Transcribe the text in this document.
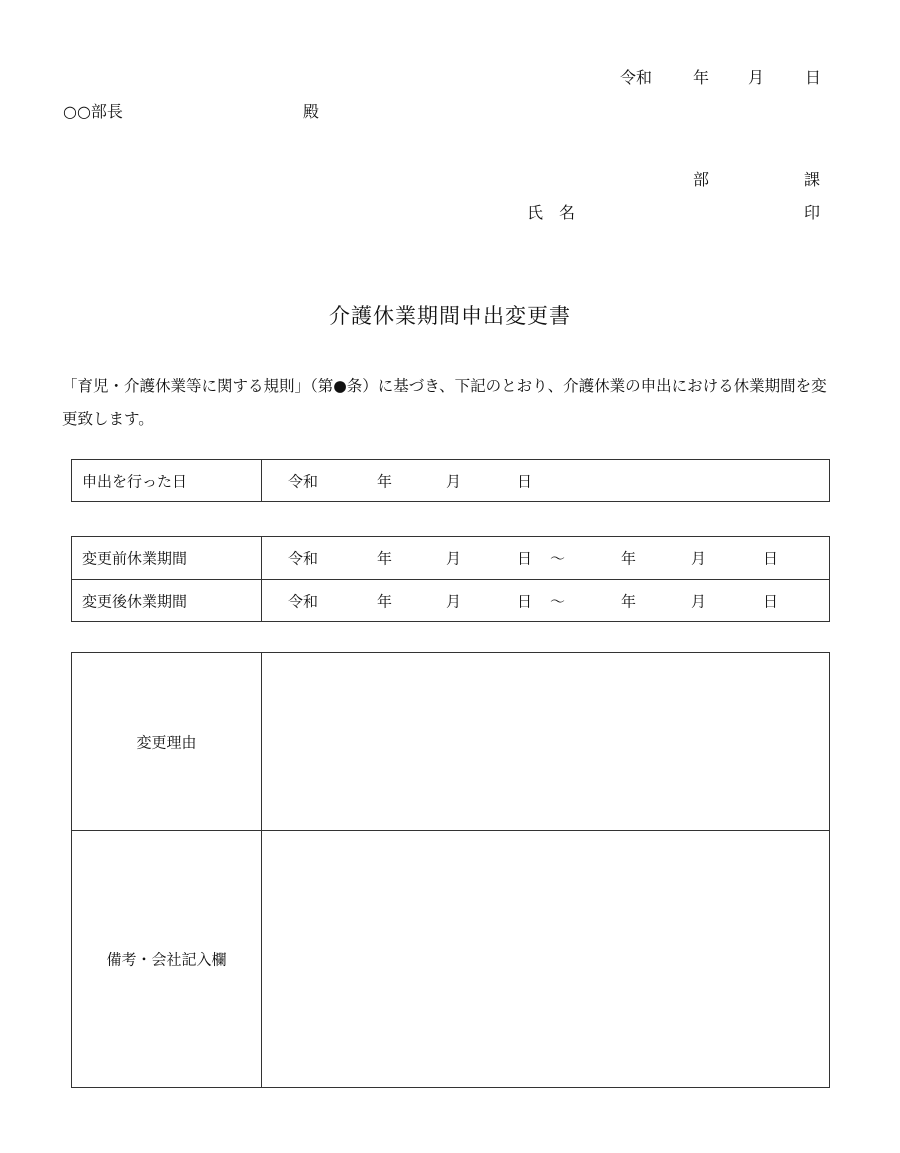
令和	年 月	日
○○部長	殿
部	課
氏　名	印
介護休業期間申出変更書
「育児・介護休業等に関する規則」（第●条）に基づき、下記のとおり、介護休業の申出における休業期間を変更致します。
申出を行った日	令和	年	月	日
変更前休業期間	令和	年	月	日 〜	年	月	日
変更後休業期間	令和	年	月	日 〜	年	月	日
変更理由
備考・会社記入欄
